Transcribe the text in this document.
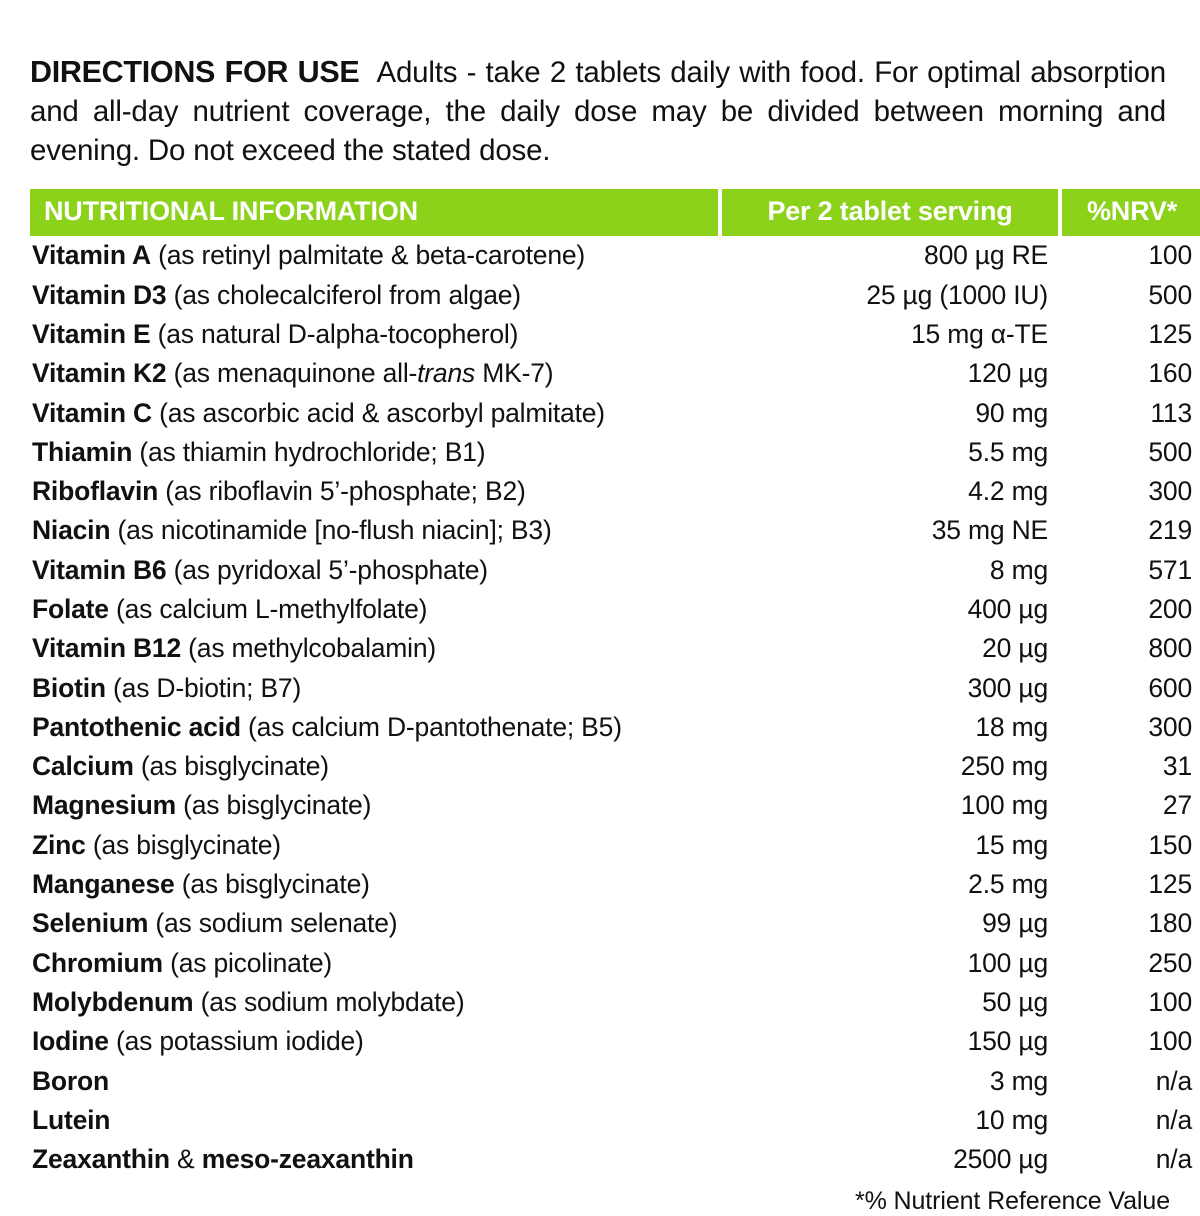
DIRECTIONS FOR USE Adults - take 2 tablets daily with food. For optimal absorption and all-day nutrient coverage, the daily dose may be divided between morning and evening. Do not exceed the stated dose.

NUTRITIONAL INFORMATION	Per 2 tablet serving	%NRV*
Vitamin A (as retinyl palmitate & beta-carotene)	800 µg RE	100
Vitamin D3 (as cholecalciferol from algae)	25 µg (1000 IU)	500
Vitamin E (as natural D-alpha-tocopherol)	15 mg α-TE	125
Vitamin K2 (as menaquinone all-trans MK-7)	120 µg	160
Vitamin C (as ascorbic acid & ascorbyl palmitate)	90 mg	113
Thiamin (as thiamin hydrochloride; B1)	5.5 mg	500
Riboflavin (as riboflavin 5’-phosphate; B2)	4.2 mg	300
Niacin (as nicotinamide [no-flush niacin]; B3)	35 mg NE	219
Vitamin B6 (as pyridoxal 5’-phosphate)	8 mg	571
Folate (as calcium L-methylfolate)	400 µg	200
Vitamin B12 (as methylcobalamin)	20 µg	800
Biotin (as D-biotin; B7)	300 µg	600
Pantothenic acid (as calcium D-pantothenate; B5)	18 mg	300
Calcium (as bisglycinate)	250 mg	31
Magnesium (as bisglycinate)	100 mg	27
Zinc (as bisglycinate)	15 mg	150
Manganese (as bisglycinate)	2.5 mg	125
Selenium (as sodium selenate)	99 µg	180
Chromium (as picolinate)	100 µg	250
Molybdenum (as sodium molybdate)	50 µg	100
Iodine (as potassium iodide)	150 µg	100
Boron	3 mg	n/a
Lutein	10 mg	n/a
Zeaxanthin & meso-zeaxanthin	2500 µg	n/a
*% Nutrient Reference Value
